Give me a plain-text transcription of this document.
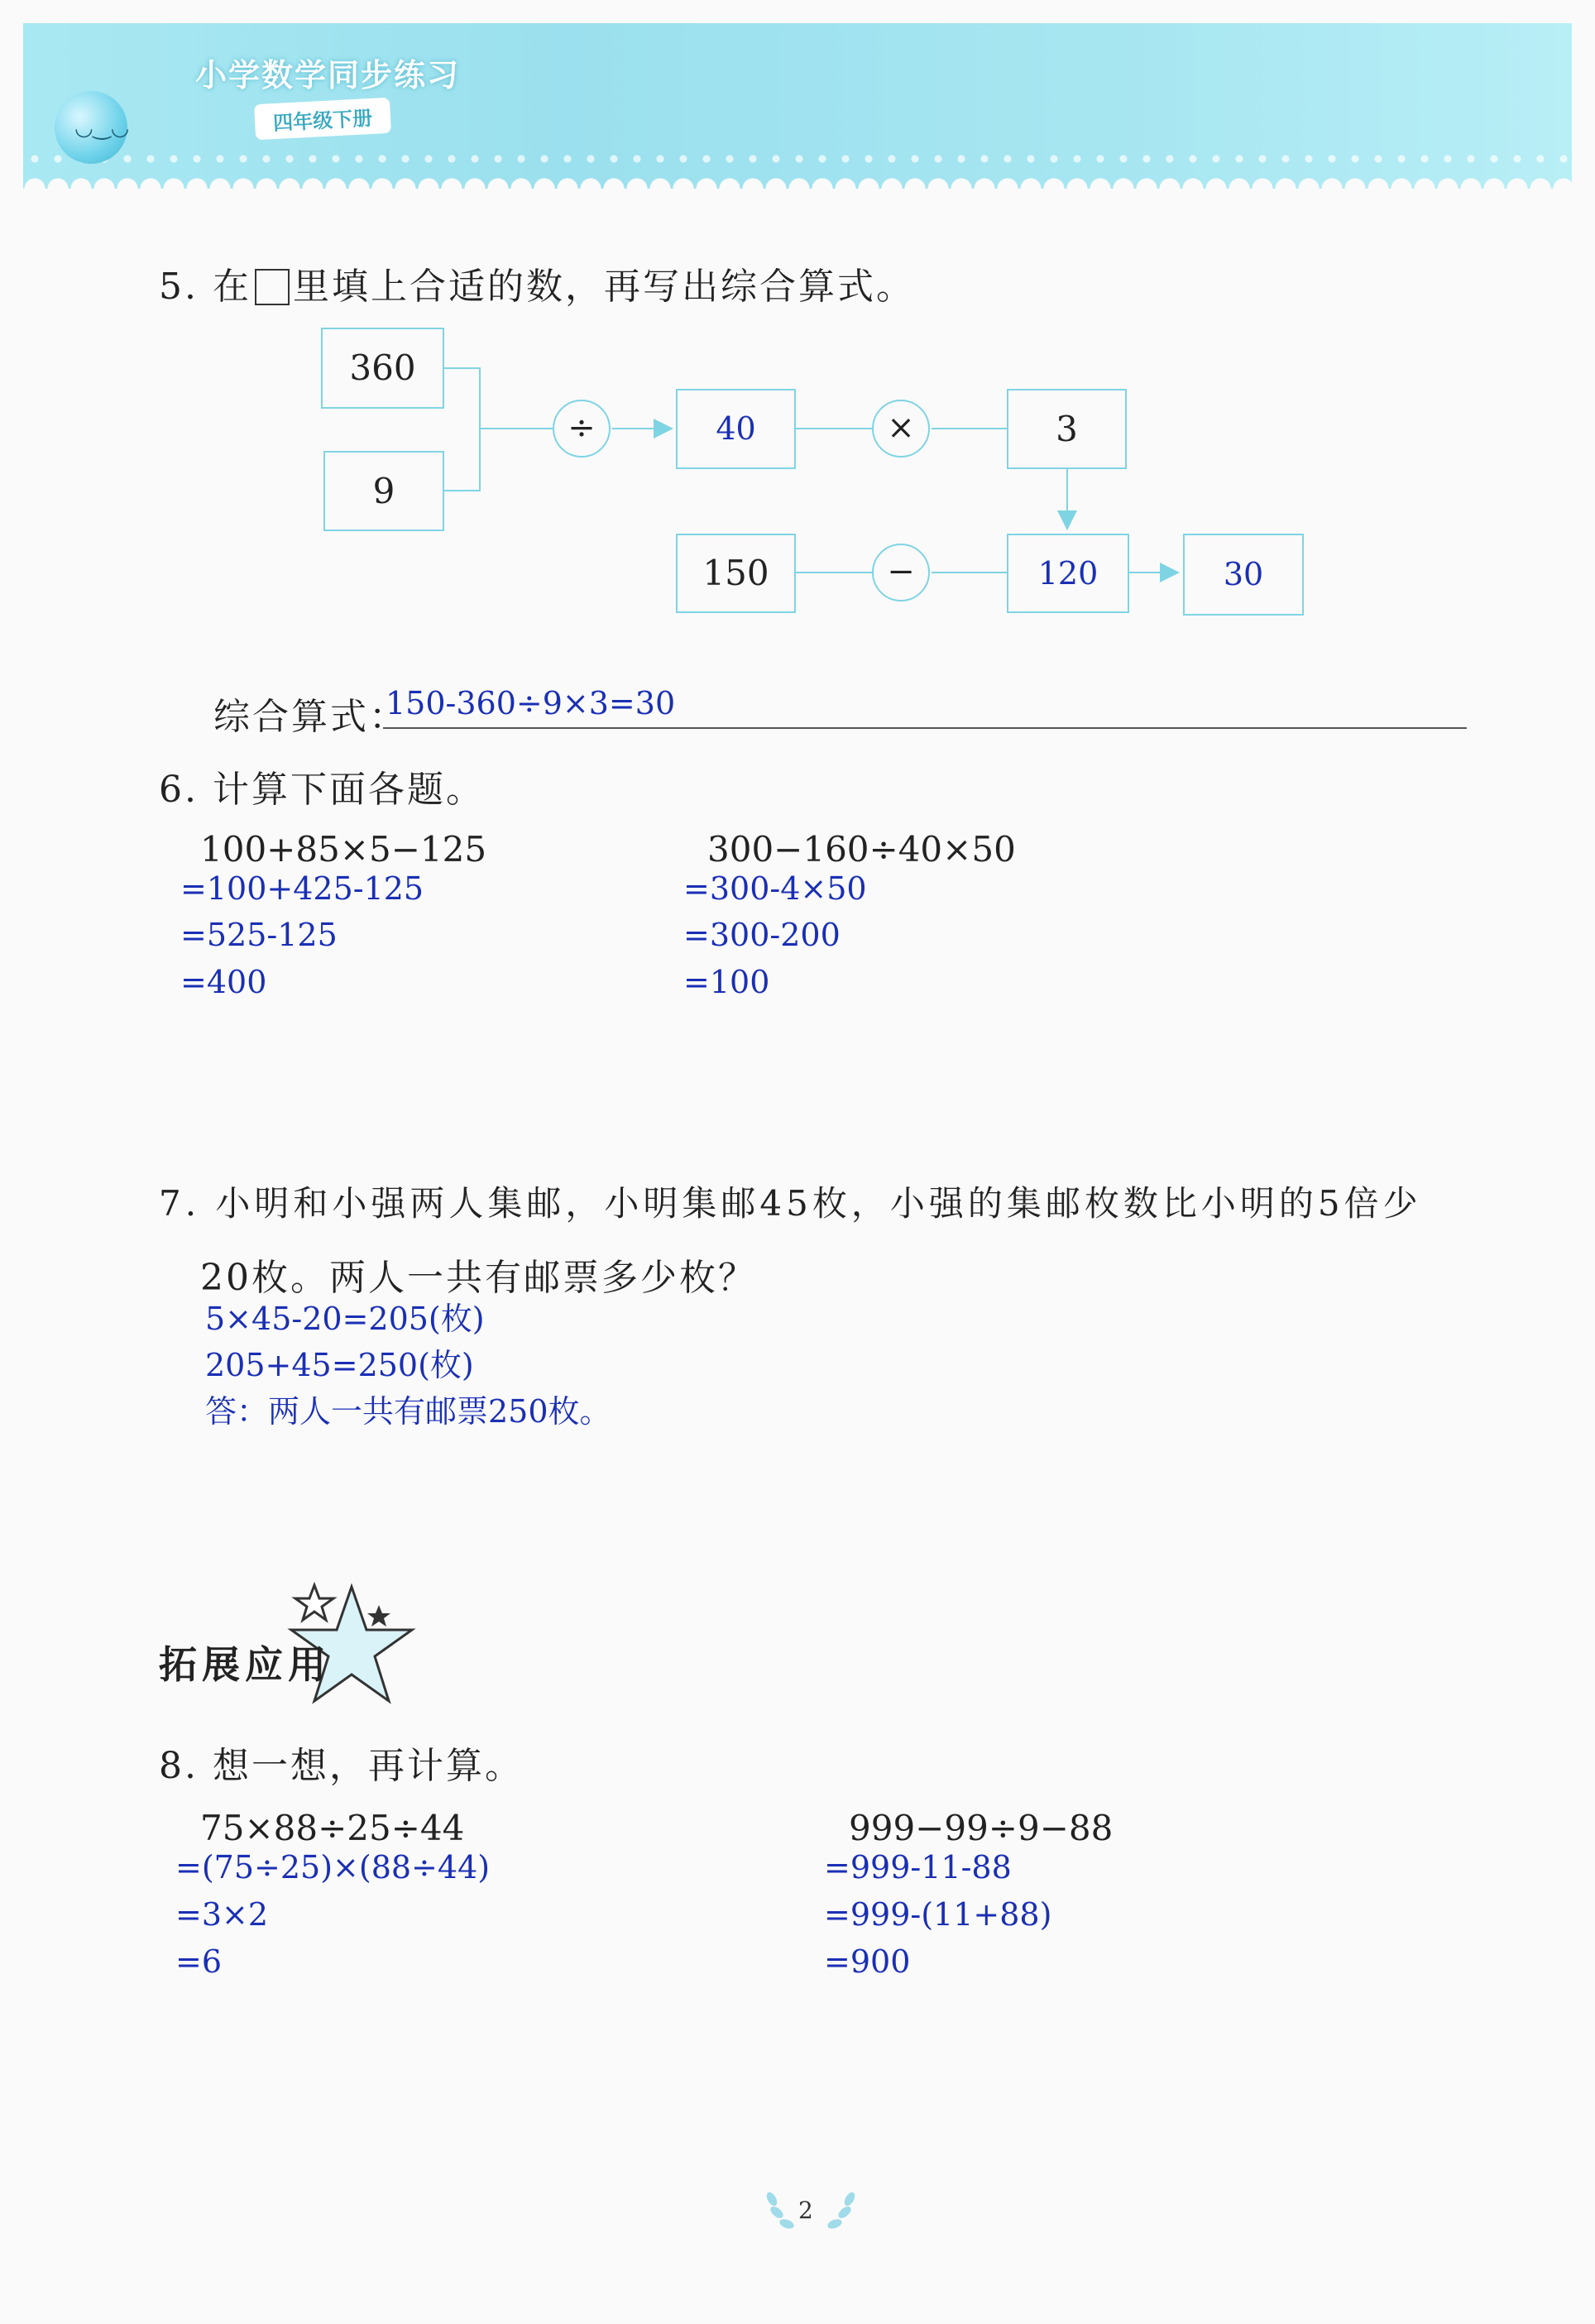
◡‿◡
小学数学同步练习
四年级下册
5. 在 里填上合适的数，再写出综合算式。
360
9
÷	40	×	3
150	−	120	30
综合算式：
150-360÷9×3=30
6. 计算下面各题。
100+85×5−125
=100+425-125
=525-125
=400
300−160÷40×50
=300-4×50
=300-200
=100
7. 小明和小强两人集邮，小明集邮45枚，小强的集邮枚数比小明的5倍少
20枚。两人一共有邮票多少枚？
5×45-20=205(枚)
205+45=250(枚)
答：两人一共有邮票250枚。
拓展应用
8. 想一想，再计算。
75×88÷25÷44
=(75÷25)×(88÷44)
=3×2
=6
999−99÷9−88
=999-11-88
=999-(11+88)
=900
2
